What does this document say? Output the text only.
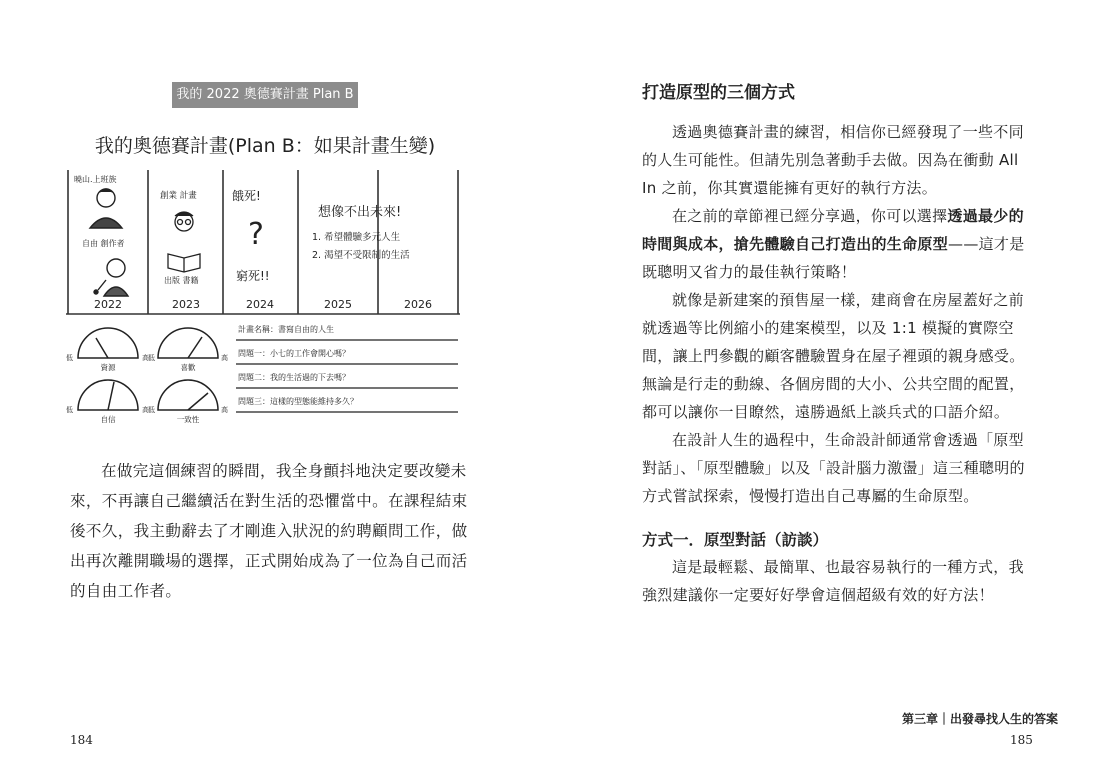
我的 2022 奧德賽計畫 Plan B
我的奧德賽計畫(Plan B：如果計畫生變)
曉山.上班族
自由 創作者
創業 計畫
出版 書籍
餓死!
?
窮死!!
想像不出未來!
1. 希望體驗多元人生
2. 渴望不受限制的生活
2022	2023	2024	2025	2026
低	高
資源
低	高
喜歡
低	高
自信
低	高
一致性
計畫名稱：書寫自由的人生
問題一：小七的工作會開心嗎？
問題二：我的生活過的下去嗎？
問題三：這樣的型態能維持多久？

在做完這個練習的瞬間，我全身顫抖地決定要改變未來，不再讓自己繼續活在對生活的恐懼當中。在課程結束後不久，我主動辭去了才剛進入狀況的約聘顧問工作，做出再次離開職場的選擇，正式開始成為了一位為自己而活的自由工作者。

184
打造原型的三個方式

透過奧德賽計畫的練習，相信你已經發現了一些不同的人生可能性。但請先別急著動手去做。因為在衝動 All In 之前，你其實還能擁有更好的執行方法。

在之前的章節裡已經分享過，你可以選擇透過最少的時間與成本，搶先體驗自己打造出的生命原型——這才是既聰明又省力的最佳執行策略！

就像是新建案的預售屋一樣，建商會在房屋蓋好之前就透過等比例縮小的建案模型，以及 1:1 模擬的實際空間，讓上門參觀的顧客體驗置身在屋子裡頭的親身感受。無論是行走的動線、各個房間的大小、公共空間的配置，都可以讓你一目瞭然，遠勝過紙上談兵式的口語介紹。

在設計人生的過程中，生命設計師通常會透過「原型對話」、「原型體驗」以及「設計腦力激盪」這三種聰明的方式嘗試探索，慢慢打造出自己專屬的生命原型。

方式一．原型對話（訪談）

這是最輕鬆、最簡單、也最容易執行的一種方式，我強烈建議你一定要好好學會這個超級有效的好方法！

第三章｜出發尋找人生的答案
185
